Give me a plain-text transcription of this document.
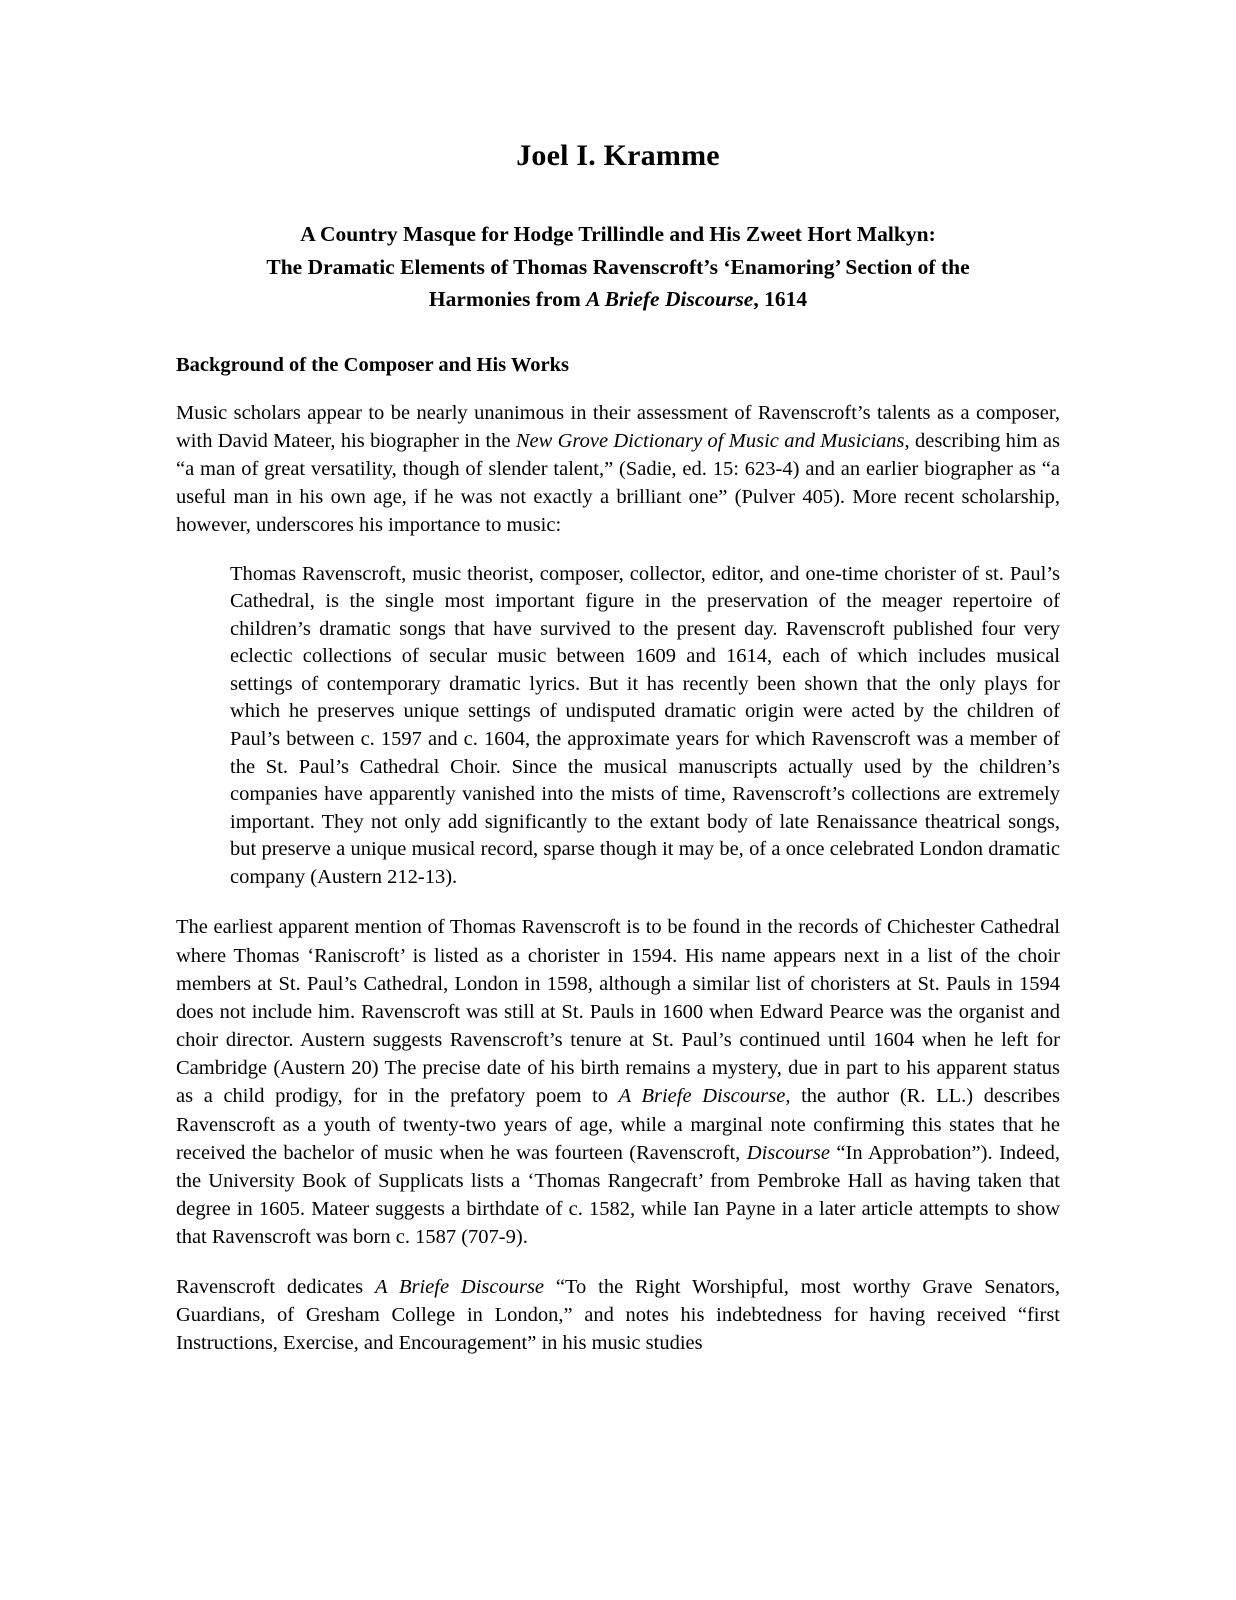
Joel I. Kramme
A Country Masque for Hodge Trillindle and His Zweet Hort Malkyn:
The Dramatic Elements of Thomas Ravenscroft’s ‘Enamoring’ Section of the
Harmonies from A Briefe Discourse, 1614
Background of the Composer and His Works

Music scholars appear to be nearly unanimous in their assessment of Ravenscroft’s talents as a composer, with David Mateer, his biographer in the New Grove Dictionary of Music and Musicians, describing him as “a man of great versatility, though of slender talent,” (Sadie, ed. 15: 623-4) and an earlier biographer as “a useful man in his own age, if he was not exactly a brilliant one” (Pulver 405). More recent scholarship, however, underscores his importance to music:

Thomas Ravenscroft, music theorist, composer, collector, editor, and one-time chorister of st. Paul’s Cathedral, is the single most important figure in the preservation of the meager repertoire of children’s dramatic songs that have survived to the present day. Ravenscroft published four very eclectic collections of secular music between 1609 and 1614, each of which includes musical settings of contemporary dramatic lyrics. But it has recently been shown that the only plays for which he preserves unique settings of undisputed dramatic origin were acted by the children of Paul’s between c. 1597 and c. 1604, the approximate years for which Ravenscroft was a member of the St. Paul’s Cathedral Choir. Since the musical manuscripts actually used by the children’s companies have apparently vanished into the mists of time, Ravenscroft’s collections are extremely important. They not only add significantly to the extant body of late Renaissance theatrical songs, but preserve a unique musical record, sparse though it may be, of a once celebrated London dramatic company (Austern 212-13).

The earliest apparent mention of Thomas Ravenscroft is to be found in the records of Chichester Cathedral where Thomas ‘Raniscroft’ is listed as a chorister in 1594. His name appears next in a list of the choir members at St. Paul’s Cathedral, London in 1598, although a similar list of choristers at St. Pauls in 1594 does not include him. Ravenscroft was still at St. Pauls in 1600 when Edward Pearce was the organist and choir director. Austern suggests Ravenscroft’s tenure at St. Paul’s continued until 1604 when he left for Cambridge (Austern 20) The precise date of his birth remains a mystery, due in part to his apparent status as a child prodigy, for in the prefatory poem to A Briefe Discourse, the author (R. LL.) describes Ravenscroft as a youth of twenty-two years of age, while a marginal note confirming this states that he received the bachelor of music when he was fourteen (Ravenscroft, Discourse “In Approbation”). Indeed, the University Book of Supplicats lists a ‘Thomas Rangecraft’ from Pembroke Hall as having taken that degree in 1605. Mateer suggests a birthdate of c. 1582, while Ian Payne in a later article attempts to show that Ravenscroft was born c. 1587 (707-9).

Ravenscroft dedicates A Briefe Discourse “To the Right Worshipful, most worthy Grave Senators, Guardians, of Gresham College in London,” and notes his indebtedness for having received “first Instructions, Exercise, and Encouragement” in his music studies
